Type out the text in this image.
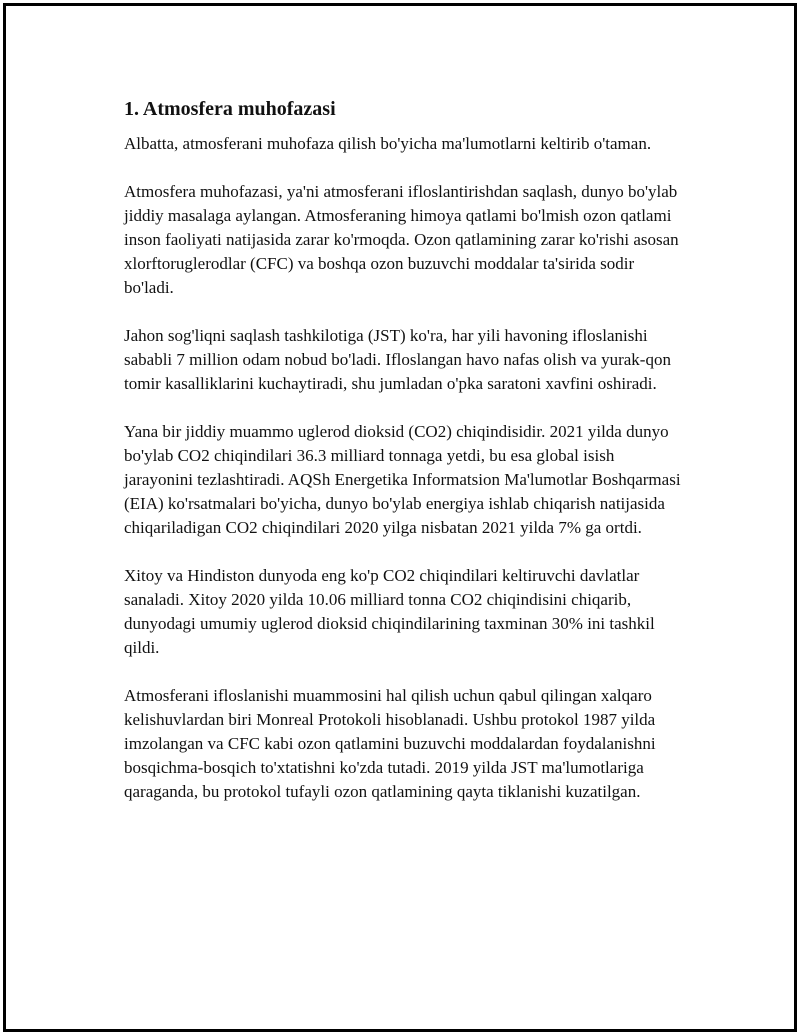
1. Atmosfera muhofazasi

Albatta, atmosferani muhofaza qilish bo'yicha ma'lumotlarni keltirib o'taman.

Atmosfera muhofazasi, ya'ni atmosferani ifloslantirishdan saqlash, dunyo bo'ylab jiddiy masalaga aylangan. Atmosferaning himoya qatlami bo'lmish ozon qatlami inson faoliyati natijasida zarar ko'rmoqda. Ozon qatlamining zarar ko'rishi asosan xlorftoruglerodlar (CFC) va boshqa ozon buzuvchi moddalar ta'sirida sodir bo'ladi.

Jahon sog'liqni saqlash tashkilotiga (JST) ko'ra, har yili havoning ifloslanishi sababli 7 million odam nobud bo'ladi. Ifloslangan havo nafas olish va yurak-qon tomir kasalliklarini kuchaytiradi, shu jumladan o'pka saratoni xavfini oshiradi.

Yana bir jiddiy muammo uglerod dioksid (CO2) chiqindisidir. 2021 yilda dunyo bo'ylab CO2 chiqindilari 36.3 milliard tonnaga yetdi, bu esa global isish jarayonini tezlashtiradi. AQSh Energetika Informatsion Ma'lumotlar Boshqarmasi (EIA) ko'rsatmalari bo'yicha, dunyo bo'ylab energiya ishlab chiqarish natijasida chiqariladigan CO2 chiqindilari 2020 yilga nisbatan 2021 yilda 7% ga ortdi.

Xitoy va Hindiston dunyoda eng ko'p CO2 chiqindilari keltiruvchi davlatlar sanaladi. Xitoy 2020 yilda 10.06 milliard tonna CO2 chiqindisini chiqarib, dunyodagi umumiy uglerod dioksid chiqindilarining taxminan 30% ini tashkil qildi.

Atmosferani ifloslanishi muammosini hal qilish uchun qabul qilingan xalqaro kelishuvlardan biri Monreal Protokoli hisoblanadi. Ushbu protokol 1987 yilda imzolangan va CFC kabi ozon qatlamini buzuvchi moddalardan foydalanishni bosqichma-bosqich to'xtatishni ko'zda tutadi. 2019 yilda JST ma'lumotlariga qaraganda, bu protokol tufayli ozon qatlamining qayta tiklanishi kuzatilgan.
